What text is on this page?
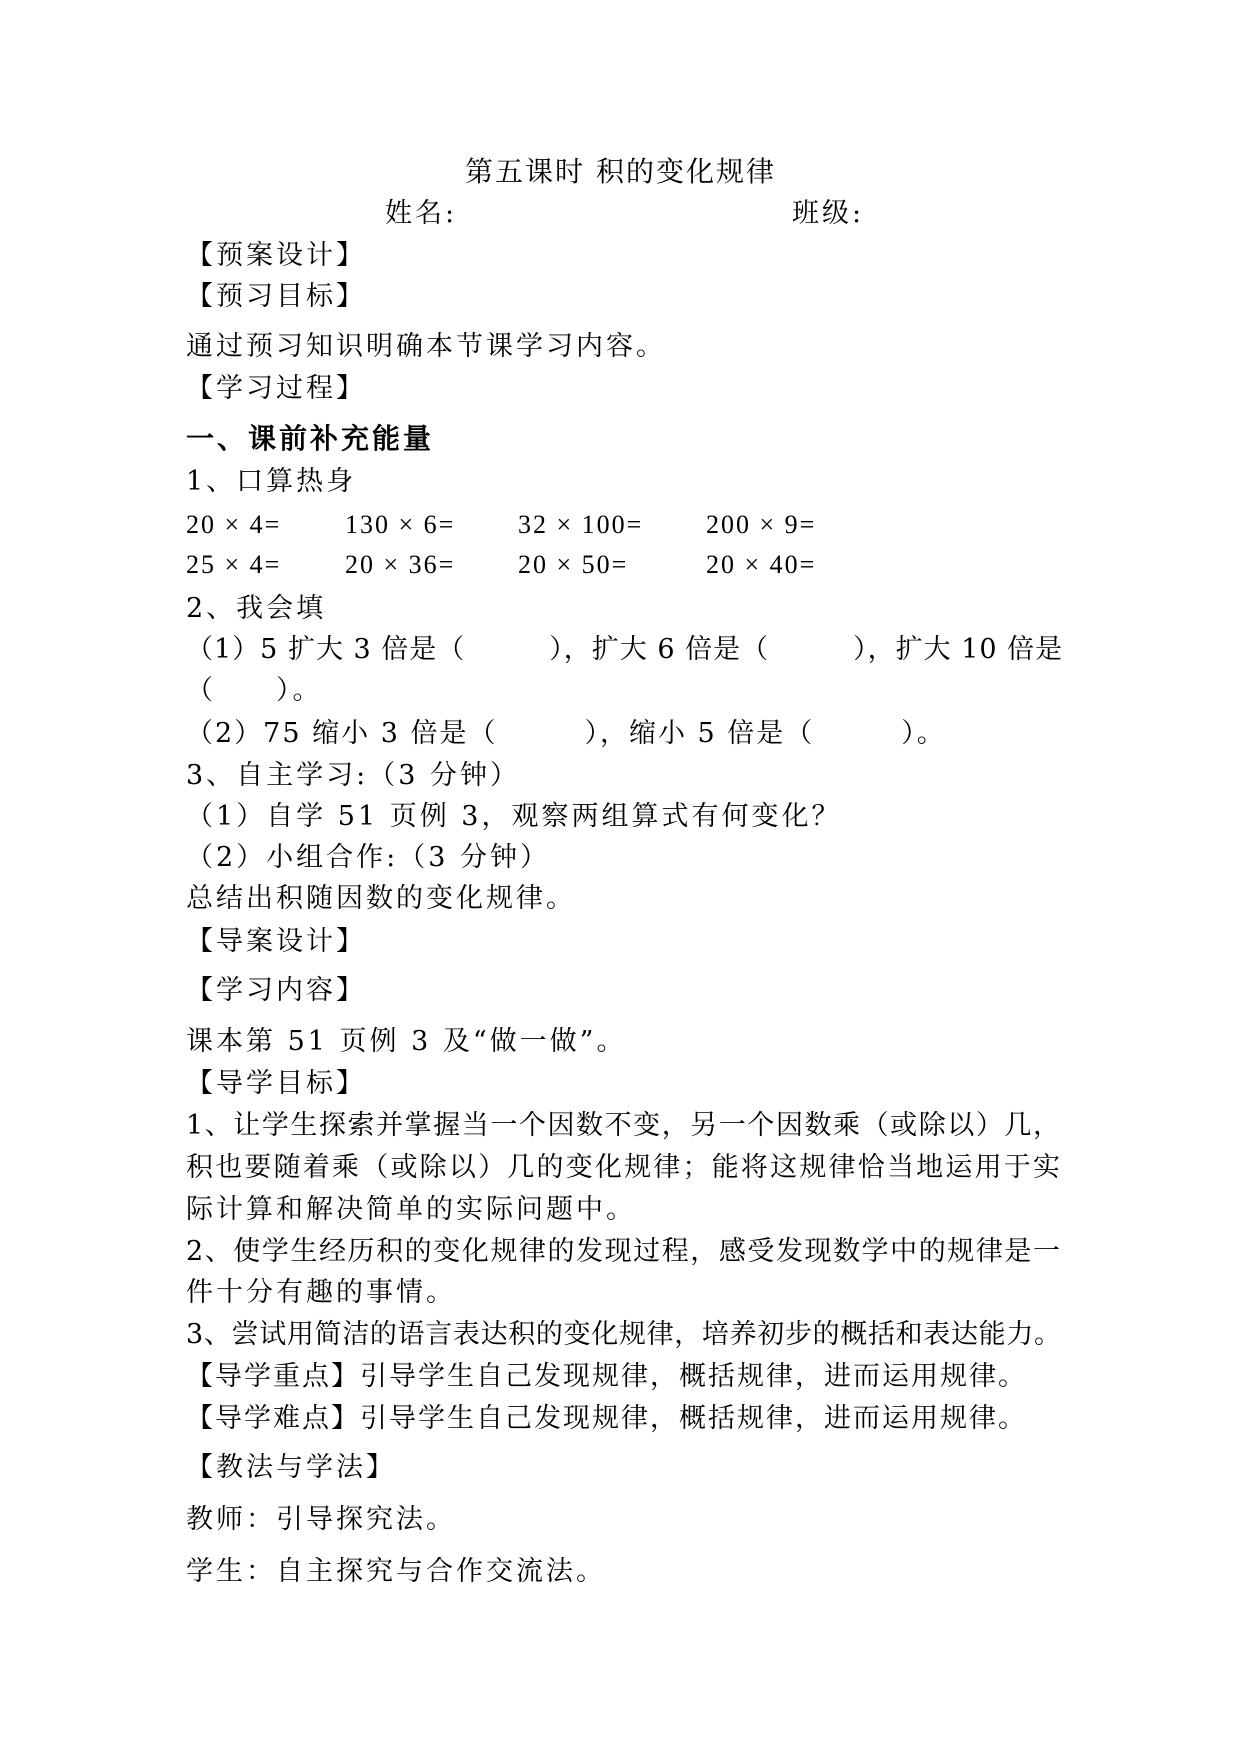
第五课时 积的变化规律
姓名:	班级:
【预案设计】
【预习目标】
通过预习知识明确本节课学习内容。
【学习过程】
一、课前补充能量
1、口算热身
20 × 4= 130 × 6= 32 × 100= 200 × 9=
25 × 4= 20 × 36= 20 × 50=	20 × 40=
2、我会填
（1）5 扩大 3 倍是（　　　），扩大 6 倍是（　　　），扩大 10 倍是
（　　）。
（2）75 缩小 3 倍是（　　　），缩小 5 倍是（　　　）。
3、自主学习:（3 分钟）
（1）自学 51 页例 3，观察两组算式有何变化？
（2）小组合作:（3 分钟）
总结出积随因数的变化规律。
【导案设计】
【学习内容】
课本第 51 页例 3 及“做一做”。
【导学目标】
1、让学生探索并掌握当一个因数不变，另一个因数乘（或除以）几，
积也要随着乘（或除以）几的变化规律；能将这规律恰当地运用于实
际计算和解决简单的实际问题中。
2、使学生经历积的变化规律的发现过程，感受发现数学中的规律是一
件十分有趣的事情。
3、尝试用简洁的语言表达积的变化规律，培养初步的概括和表达能力。
【导学重点】引导学生自己发现规律，概括规律，进而运用规律。
【导学难点】引导学生自己发现规律，概括规律，进而运用规律。
【教法与学法】
教师：引导探究法。
学生：自主探究与合作交流法。
